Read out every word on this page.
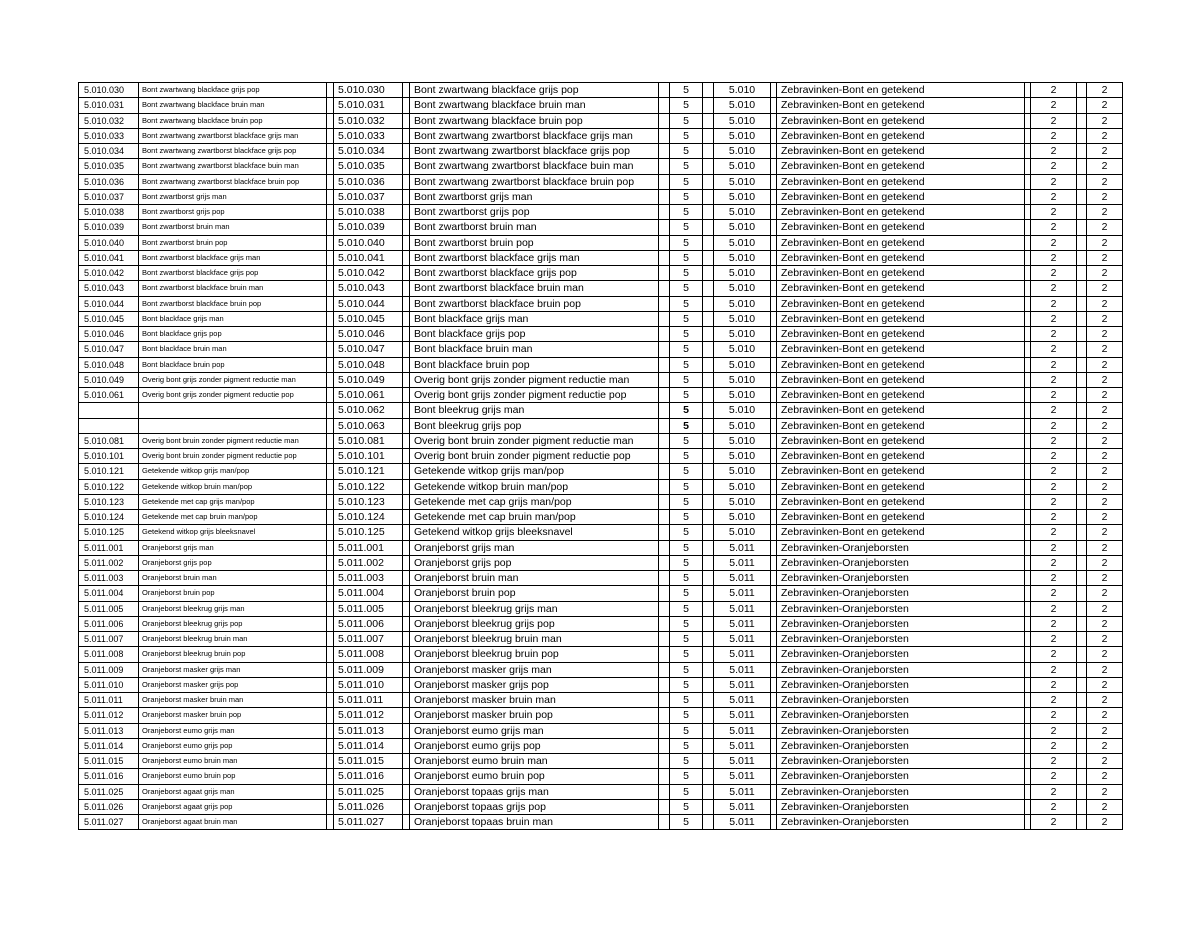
5.010.030	Bont zwartwang blackface grijs pop		5.010.030		Bont zwartwang blackface grijs pop		5		5.010		Zebravinken-Bont en getekend		2		2
5.010.031	Bont zwartwang blackface bruin man		5.010.031		Bont zwartwang blackface bruin man		5		5.010		Zebravinken-Bont en getekend		2		2
5.010.032	Bont zwartwang blackface bruin pop		5.010.032		Bont zwartwang blackface bruin pop		5		5.010		Zebravinken-Bont en getekend		2		2
5.010.033	Bont zwartwang zwartborst blackface grijs man		5.010.033		Bont zwartwang zwartborst blackface grijs man		5		5.010		Zebravinken-Bont en getekend		2		2
5.010.034	Bont zwartwang zwartborst blackface grijs pop		5.010.034		Bont zwartwang zwartborst blackface grijs pop		5		5.010		Zebravinken-Bont en getekend		2		2
5.010.035	Bont zwartwang zwartborst blackface buin man		5.010.035		Bont zwartwang zwartborst blackface buin man		5		5.010		Zebravinken-Bont en getekend		2		2
5.010.036	Bont zwartwang zwartborst blackface bruin pop		5.010.036		Bont zwartwang zwartborst blackface bruin pop		5		5.010		Zebravinken-Bont en getekend		2		2
5.010.037	Bont zwartborst grijs man		5.010.037		Bont zwartborst grijs man		5		5.010		Zebravinken-Bont en getekend		2		2
5.010.038	Bont zwartborst grijs pop		5.010.038		Bont zwartborst grijs pop		5		5.010		Zebravinken-Bont en getekend		2		2
5.010.039	Bont zwartborst bruin man		5.010.039		Bont zwartborst bruin man		5		5.010		Zebravinken-Bont en getekend		2		2
5.010.040	Bont zwartborst bruin pop		5.010.040		Bont zwartborst bruin pop		5		5.010		Zebravinken-Bont en getekend		2		2
5.010.041	Bont zwartborst blackface grijs man		5.010.041		Bont zwartborst blackface grijs man		5		5.010		Zebravinken-Bont en getekend		2		2
5.010.042	Bont zwartborst blackface grijs pop		5.010.042		Bont zwartborst blackface grijs pop		5		5.010		Zebravinken-Bont en getekend		2		2
5.010.043	Bont zwartborst blackface bruin man		5.010.043		Bont zwartborst blackface bruin man		5		5.010		Zebravinken-Bont en getekend		2		2
5.010.044	Bont zwartborst blackface bruin pop		5.010.044		Bont zwartborst blackface bruin pop		5		5.010		Zebravinken-Bont en getekend		2		2
5.010.045	Bont blackface grijs man		5.010.045		Bont blackface grijs man		5		5.010		Zebravinken-Bont en getekend		2		2
5.010.046	Bont blackface grijs pop		5.010.046		Bont blackface grijs pop		5		5.010		Zebravinken-Bont en getekend		2		2
5.010.047	Bont blackface bruin man		5.010.047		Bont blackface bruin man		5		5.010		Zebravinken-Bont en getekend		2		2
5.010.048	Bont blackface bruin pop		5.010.048		Bont blackface bruin pop		5		5.010		Zebravinken-Bont en getekend		2		2
5.010.049	Overig bont grijs zonder pigment reductie man		5.010.049		Overig bont grijs zonder pigment reductie man		5		5.010		Zebravinken-Bont en getekend		2		2
5.010.061	Overig bont grijs zonder pigment reductie pop		5.010.061		Overig bont grijs zonder pigment reductie pop		5		5.010		Zebravinken-Bont en getekend		2		2
			5.010.062		Bont bleekrug grijs man		5		5.010		Zebravinken-Bont en getekend		2		2
			5.010.063		Bont bleekrug grijs pop		5		5.010		Zebravinken-Bont en getekend		2		2
5.010.081	Overig bont bruin zonder pigment reductie man		5.010.081		Overig bont bruin zonder pigment reductie man		5		5.010		Zebravinken-Bont en getekend		2		2
5.010.101	Overig bont bruin zonder pigment reductie pop		5.010.101		Overig bont bruin zonder pigment reductie pop		5		5.010		Zebravinken-Bont en getekend		2		2
5.010.121	Getekende witkop grijs man/pop		5.010.121		Getekende witkop grijs man/pop		5		5.010		Zebravinken-Bont en getekend		2		2
5.010.122	Getekende witkop bruin man/pop		5.010.122		Getekende witkop bruin man/pop		5		5.010		Zebravinken-Bont en getekend		2		2
5.010.123	Getekende met cap grijs man/pop		5.010.123		Getekende met cap grijs man/pop		5		5.010		Zebravinken-Bont en getekend		2		2
5.010.124	Getekende met cap bruin man/pop		5.010.124		Getekende met cap bruin man/pop		5		5.010		Zebravinken-Bont en getekend		2		2
5.010.125	Getekend witkop grijs bleeksnavel		5.010.125		Getekend witkop grijs bleeksnavel		5		5.010		Zebravinken-Bont en getekend		2		2
5.011.001	Oranjeborst grijs man		5.011.001		Oranjeborst grijs man		5		5.011		Zebravinken-Oranjeborsten		2		2
5.011.002	Oranjeborst grijs pop		5.011.002		Oranjeborst grijs pop		5		5.011		Zebravinken-Oranjeborsten		2		2
5.011.003	Oranjeborst bruin man		5.011.003		Oranjeborst bruin man		5		5.011		Zebravinken-Oranjeborsten		2		2
5.011.004	Oranjeborst bruin pop		5.011.004		Oranjeborst bruin pop		5		5.011		Zebravinken-Oranjeborsten		2		2
5.011.005	Oranjeborst bleekrug grijs man		5.011.005		Oranjeborst bleekrug grijs man		5		5.011		Zebravinken-Oranjeborsten		2		2
5.011.006	Oranjeborst bleekrug grijs pop		5.011.006		Oranjeborst bleekrug grijs pop		5		5.011		Zebravinken-Oranjeborsten		2		2
5.011.007	Oranjeborst bleekrug bruin man		5.011.007		Oranjeborst bleekrug bruin man		5		5.011		Zebravinken-Oranjeborsten		2		2
5.011.008	Oranjeborst bleekrug bruin pop		5.011.008		Oranjeborst bleekrug bruin pop		5		5.011		Zebravinken-Oranjeborsten		2		2
5.011.009	Oranjeborst masker grijs man		5.011.009		Oranjeborst masker grijs man		5		5.011		Zebravinken-Oranjeborsten		2		2
5.011.010	Oranjeborst masker grijs pop		5.011.010		Oranjeborst masker grijs pop		5		5.011		Zebravinken-Oranjeborsten		2		2
5.011.011	Oranjeborst masker bruin man		5.011.011		Oranjeborst masker bruin man		5		5.011		Zebravinken-Oranjeborsten		2		2
5.011.012	Oranjeborst masker bruin pop		5.011.012		Oranjeborst masker bruin pop		5		5.011		Zebravinken-Oranjeborsten		2		2
5.011.013	Oranjeborst eumo grijs man		5.011.013		Oranjeborst eumo grijs man		5		5.011		Zebravinken-Oranjeborsten		2		2
5.011.014	Oranjeborst eumo grijs pop		5.011.014		Oranjeborst eumo grijs pop		5		5.011		Zebravinken-Oranjeborsten		2		2
5.011.015	Oranjeborst eumo bruin man		5.011.015		Oranjeborst eumo bruin man		5		5.011		Zebravinken-Oranjeborsten		2		2
5.011.016	Oranjeborst eumo bruin pop		5.011.016		Oranjeborst eumo bruin pop		5		5.011		Zebravinken-Oranjeborsten		2		2
5.011.025	Oranjeborst agaat grijs man		5.011.025		Oranjeborst topaas grijs man		5		5.011		Zebravinken-Oranjeborsten		2		2
5.011.026	Oranjeborst agaat grijs pop		5.011.026		Oranjeborst topaas grijs pop		5		5.011		Zebravinken-Oranjeborsten		2		2
5.011.027	Oranjeborst agaat bruin man		5.011.027		Oranjeborst topaas bruin man		5		5.011		Zebravinken-Oranjeborsten		2		2
